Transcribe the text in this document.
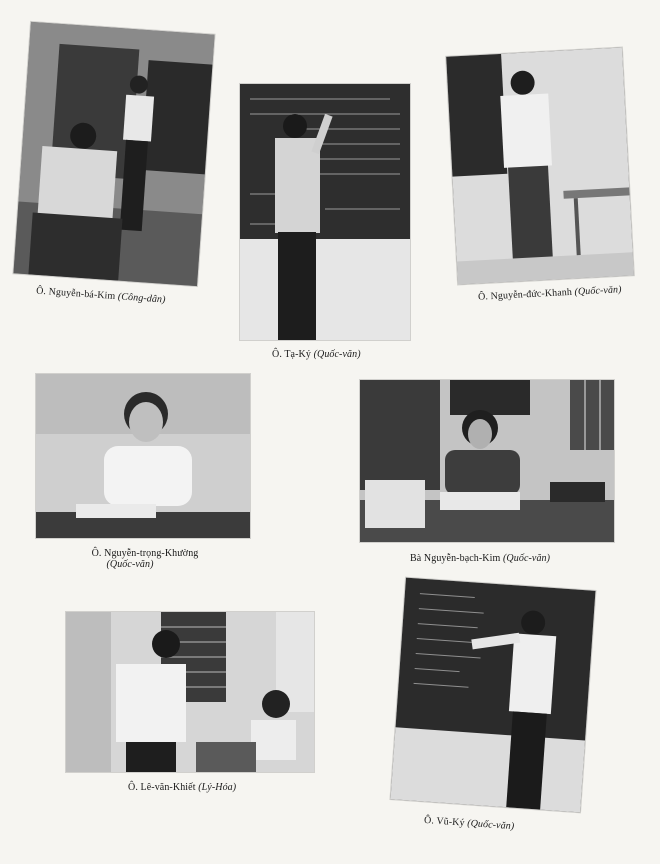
Ô. Nguyễn-bá-Kim (Công-dân)
Ô. Tạ-Ký (Quốc-văn)
Ô. Nguyễn-đức-Khanh (Quốc-văn)
Ô. Nguyễn-trọng-Khường
(Quốc-văn)
Bà Nguyễn-bạch-Kim (Quốc-văn)
Ô. Lê-văn-Khiết (Lý-Hóa)
Ô. Vũ-Ký (Quốc-văn)
